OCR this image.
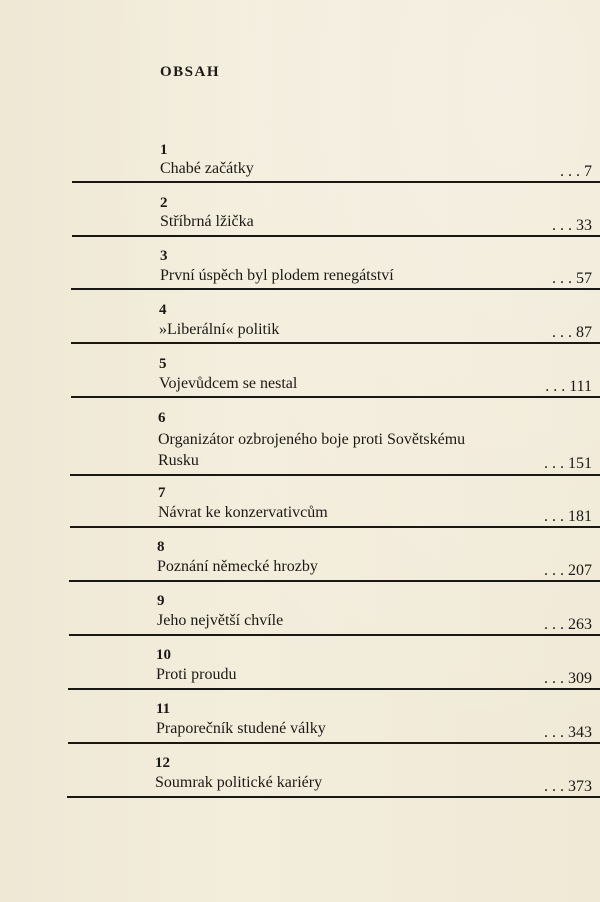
OBSAH
1
Chabé začátky	. . . 7
2
Stříbrná lžička	. . . 33
3
První úspěch byl plodem renegátství	. . . 57
4
»Liberální« politik	. . . 87
5
Vojevůdcem se nestal	. . . 111
6
Organizátor ozbrojeného boje proti Sovětskému
Rusku	. . . 151
7
Návrat ke konzervativcům	. . . 181
8
Poznání německé hrozby	. . . 207
9
Jeho největší chvíle	. . . 263
10
Proti proudu	. . . 309
11
Praporečník studené války	. . . 343
12
Soumrak politické kariéry	. . . 373
